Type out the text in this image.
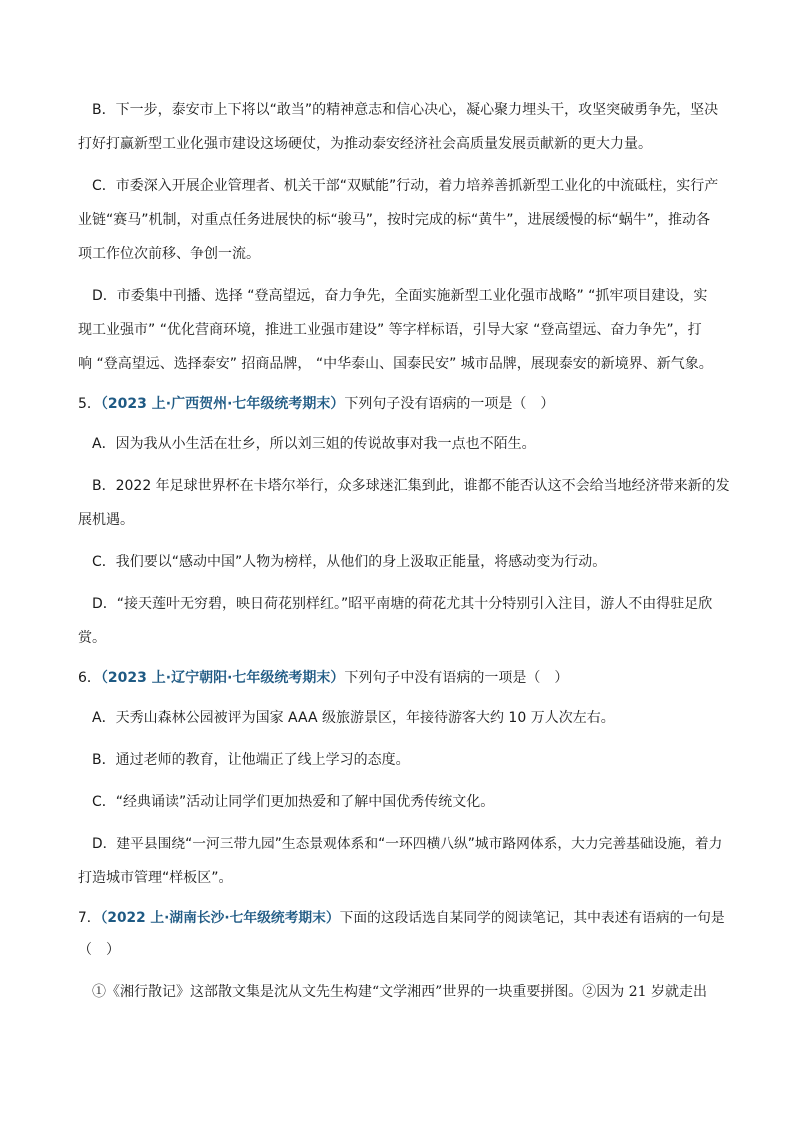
B．下一步，泰安市上下将以“敢当”的精神意志和信心决心，凝心聚力埋头干，攻坚突破勇争先，坚决
打好打赢新型工业化强市建设这场硬仗，为推动泰安经济社会高质量发展贡献新的更大力量。
C．市委深入开展企业管理者、机关干部“双赋能”行动，着力培养善抓新型工业化的中流砥柱，实行产
业链“赛马”机制，对重点任务进展快的标“骏马”，按时完成的标“黄牛”，进展缓慢的标“蜗牛”，推动各
项工作位次前移、争创一流。
D．市委集中刊播、选择 “登高望远，奋力争先，全面实施新型工业化强市战略” “抓牢项目建设，实
现工业强市” “优化营商环境，推进工业强市建设” 等字样标语，引导大家 “登高望远、奋力争先”，打
响 “登高望远、选择泰安” 招商品牌， “中华泰山、国泰民安” 城市品牌，展现泰安的新境界、新气象。
5．（2023 上·广西贺州·七年级统考期末）下列句子没有语病的一项是（　）
A．因为我从小生活在壮乡，所以刘三姐的传说故事对我一点也不陌生。
B．2022 年足球世界杯在卡塔尔举行，众多球迷汇集到此，谁都不能否认这不会给当地经济带来新的发
展机遇。
C．我们要以“感动中国”人物为榜样，从他们的身上汲取正能量，将感动变为行动。
D．“接天莲叶无穷碧，映日荷花别样红。”昭平南塘的荷花尤其十分特别引入注目，游人不由得驻足欣
赏。
6．（2023 上·辽宁朝阳·七年级统考期末）下列句子中没有语病的一项是（　）
A．天秀山森林公园被评为国家 AAA 级旅游景区，年接待游客大约 10 万人次左右。
B．通过老师的教育，让他端正了线上学习的态度。
C．“经典诵读”活动让同学们更加热爱和了解中国优秀传统文化。
D．建平县围绕“一河三带九园”生态景观体系和“一环四横八纵”城市路网体系，大力完善基础设施，着力
打造城市管理“样板区”。
7．（2022 上·湖南长沙·七年级统考期末）下面的这段话选自某同学的阅读笔记，其中表述有语病的一句是
（　）
①《湘行散记》这部散文集是沈从文先生构建“文学湘西”世界的一块重要拼图。②因为 21 岁就走出
